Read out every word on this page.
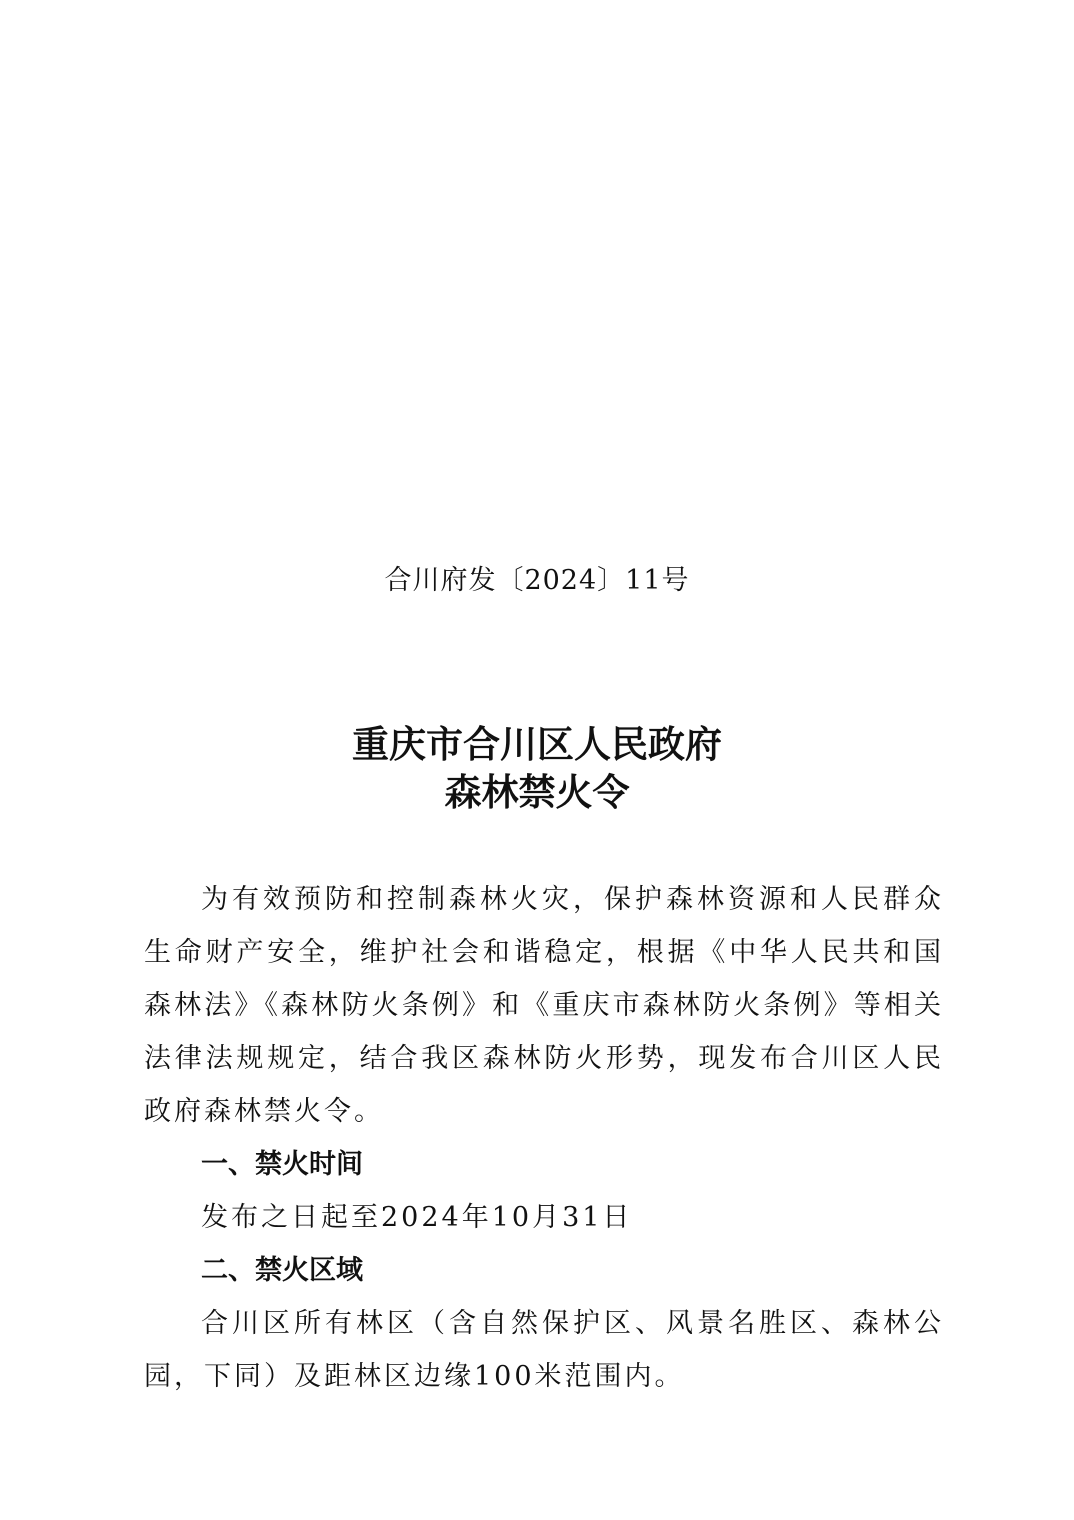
合川府发〔2024〕11号
重庆市合川区人民政府
森林禁火令

为有效预防和控制森林火灾，保护森林资源和人民群众生命财产安全，维护社会和谐稳定，根据《中华人民共和国森林法》《森林防火条例》和《重庆市森林防火条例》等相关法律法规规定，结合我区森林防火形势，现发布合川区人民政府森林禁火令。

一、禁火时间

发布之日起至2024年10月31日

二、禁火区域

合川区所有林区（含自然保护区、风景名胜区、森林公园，下同）及距林区边缘100米范围内。
